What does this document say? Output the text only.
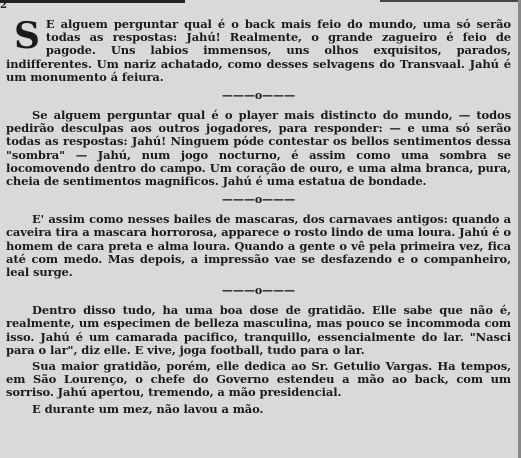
2

S E alguem perguntar qual é o back mais feio do mundo, uma só serão todas as respostas: Jahú! Realmente, o grande zagueiro é feio de pagode. Uns labios immensos, uns olhos exquisitos, parados, indifferentes. Um nariz achatado, como desses selvagens do Transvaal. Jahú é um monumento á feiura.

———o———

Se alguem perguntar qual é o player mais distincto do mundo, — todos pedirão desculpas aos outros jogadores, para responder: — e uma só serão todas as respostas: Jahú! Ninguem póde contestar os bellos sentimentos dessa "sombra" — Jahú, num jogo nocturno, é assim como uma sombra se locomovendo dentro do campo. Um coração de ouro, e uma alma branca, pura, cheia de sentimentos magnificos. Jahú é uma estatua de bondade.

———o———

E' assim como nesses bailes de mascaras, dos carnavaes antigos: quando a caveira tira a mascara horrorosa, apparece o rosto lindo de uma loura. Jahú é o homem de cara preta e alma loura. Quando a gente o vê pela primeira vez, fica até com medo. Mas depois, a impressão vae se desfazendo e o companheiro, leal surge.

———o———

Dentro disso tudo, ha uma boa dose de gratidão. Elle sabe que não é, realmente, um especimen de belleza masculina, mas pouco se incommoda com isso. Jahú é um camarada pacifico, tranquillo, essencialmente do lar. "Nasci para o lar", diz elle. E vive, joga football, tudo para o lar.

Sua maior gratidão, porém, elle dedica ao Sr. Getulio Vargas. Ha tempos, em São Lourenço, o chefe do Governo estendeu a mão ao back, com um sorriso. Jahú apertou, tremendo, a mão presidencial.

E durante um mez, não lavou a mão.
